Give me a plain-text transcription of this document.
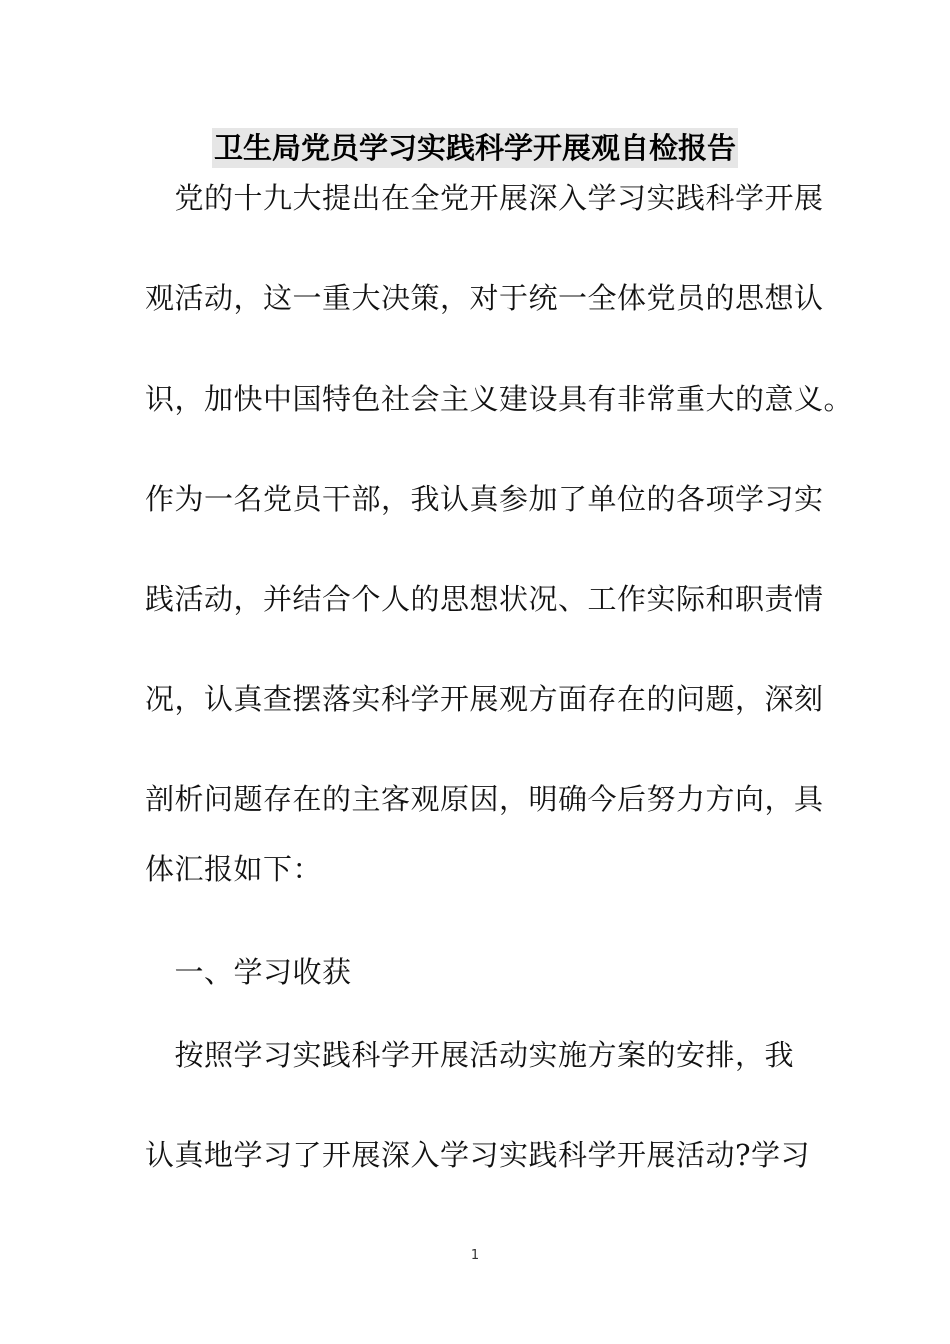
卫生局党员学习实践科学开展观自检报告
　党的十九大提出在全党开展深入学习实践科学开展
观活动，这一重大决策，对于统一全体党员的思想认
识，加快中国特色社会主义建设具有非常重大的意义。
作为一名党员干部，我认真参加了单位的各项学习实
践活动，并结合个人的思想状况、工作实际和职责情
况，认真查摆落实科学开展观方面存在的问题，深刻
剖析问题存在的主客观原因，明确今后努力方向，具
体汇报如下：
　一、学习收获
　按照学习实践科学开展活动实施方案的安排，我
认真地学习了开展深入学习实践科学开展活动?学习
1
